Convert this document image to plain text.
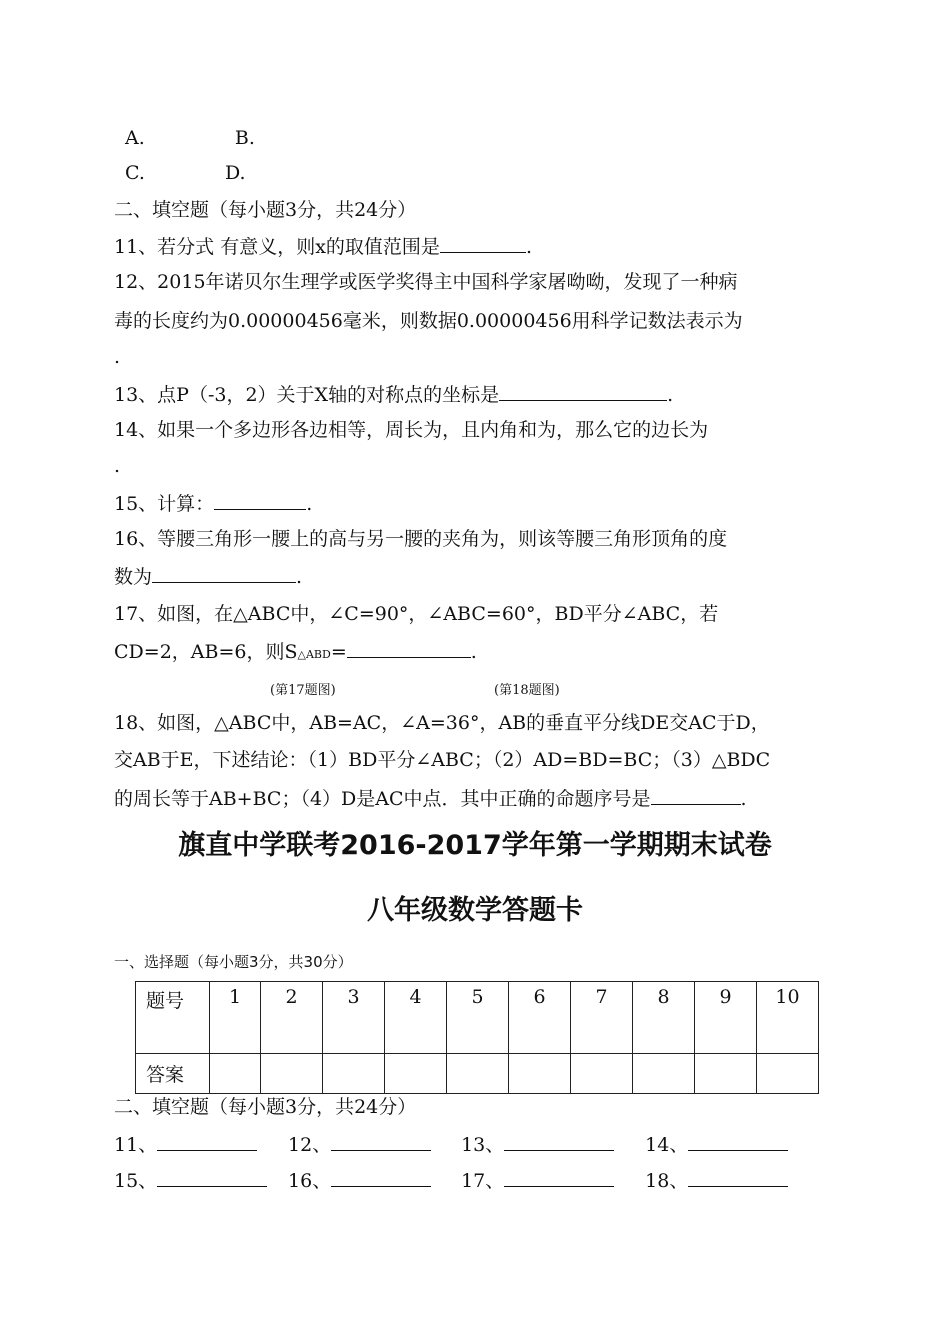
A.	B.
C.	D.
二、填空题（每小题3分，共24分）
11、若分式 有意义，则x的取值范围是	.
12、2015年诺贝尔生理学或医学奖得主中国科学家屠呦呦，发现了一种病
毒的长度约为0.00000456毫米，则数据0.00000456用科学记数法表示为
.
13、点P（-3，2）关于X轴的对称点的坐标是	.
14、如果一个多边形各边相等，周长为，且内角和为，那么它的边长为
.
15、计算：	.
16、等腰三角形一腰上的高与另一腰的夹角为，则该等腰三角形顶角的度
数为	.
17、如图，在△ABC中，∠C=90°，∠ABC=60°，BD平分∠ABC，若
CD=2，AB=6，则S△ABD=	.
(第17题图)	(第18题图)
18、如图，△ABC中，AB=AC，∠A=36°，AB的垂直平分线DE交AC于D，
交AB于E，下述结论：（1）BD平分∠ABC；（2）AD=BD=BC；（3）△BDC
的周长等于AB+BC；（4）D是AC中点．其中正确的命题序号是	.
旗直中学联考2016-2017学年第一学期期末试卷
八年级数学答题卡
一、选择题（每小题3分，共30分）
题号	1	2	3	4	5	6	7	8	9	10

答案										

二、填空题（每小题3分，共24分）
11、	12、	13、	14、
15、	16、	17、	18、
